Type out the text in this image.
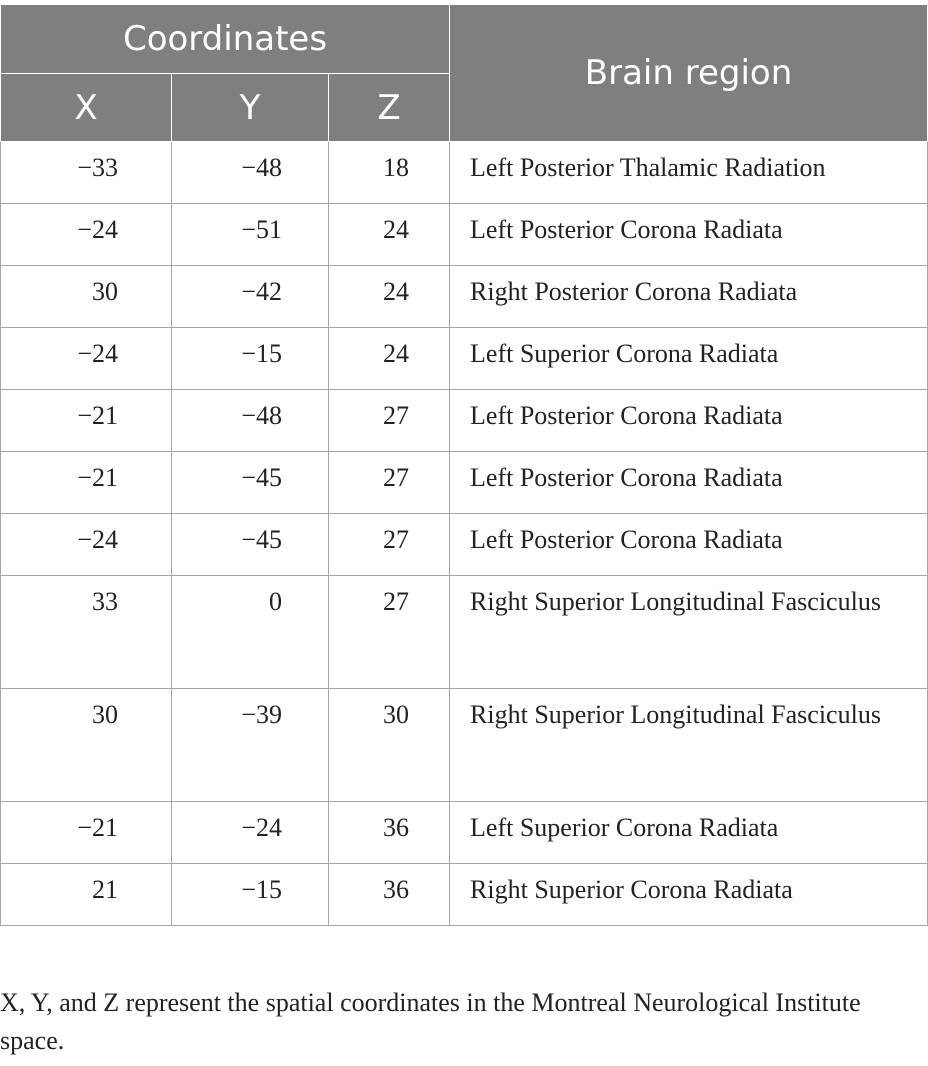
Coordinates			Brain region
X	Y	Z	
−33	−48	18	Left Posterior Thalamic Radiation
−24	−51	24	Left Posterior Corona Radiata
30	−42	24	Right Posterior Corona Radiata
−24	−15	24	Left Superior Corona Radiata
−21	−48	27	Left Posterior Corona Radiata
−21	−45	27	Left Posterior Corona Radiata
−24	−45	27	Left Posterior Corona Radiata
33	0	27	Right Superior Longitudinal Fasciculus
30	−39	30	Right Superior Longitudinal Fasciculus
−21	−24	36	Left Superior Corona Radiata
21	−15	36	Right Superior Corona Radiata

X, Y, and Z represent the spatial coordinates in the Montreal Neurological Institute space.
